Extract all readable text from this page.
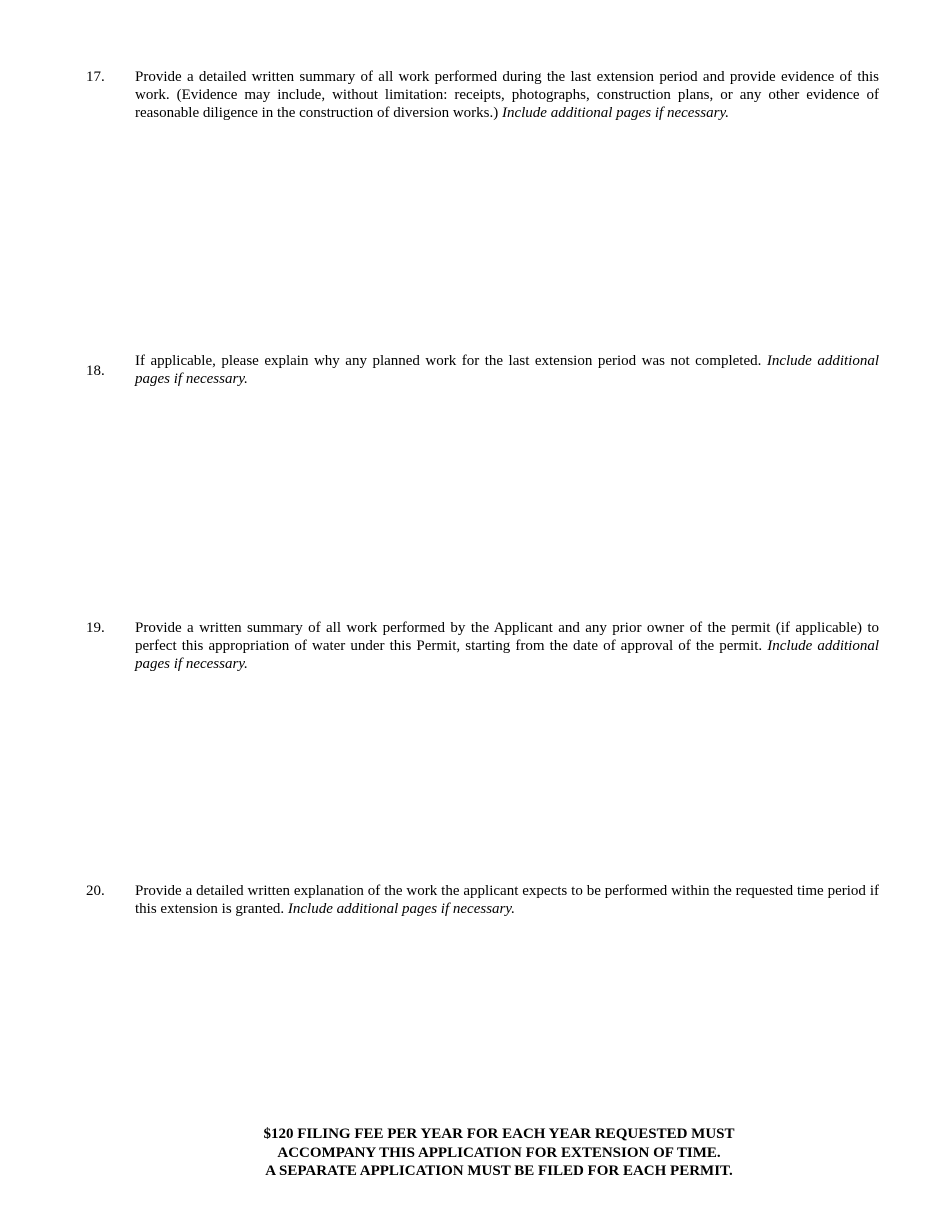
17.	Provide a detailed written summary of all work performed during the last extension period and provide evidence of this work. (Evidence may include, without limitation: receipts, photographs, construction plans, or any other evidence of reasonable diligence in the construction of diversion works.) Include additional pages if necessary.
18.
If applicable, please explain why any planned work for the last extension period was not completed. Include additional pages if necessary.
19.	Provide a written summary of all work performed by the Applicant and any prior owner of the permit (if applicable) to perfect this appropriation of water under this Permit, starting from the date of approval of the permit. Include additional pages if necessary.
20.	Provide a detailed written explanation of the work the applicant expects to be performed within the requested time period if this extension is granted. Include additional pages if necessary.
$120 FILING FEE PER YEAR FOR EACH YEAR REQUESTED MUST
ACCOMPANY THIS APPLICATION FOR EXTENSION OF TIME.
A SEPARATE APPLICATION MUST BE FILED FOR EACH PERMIT.
